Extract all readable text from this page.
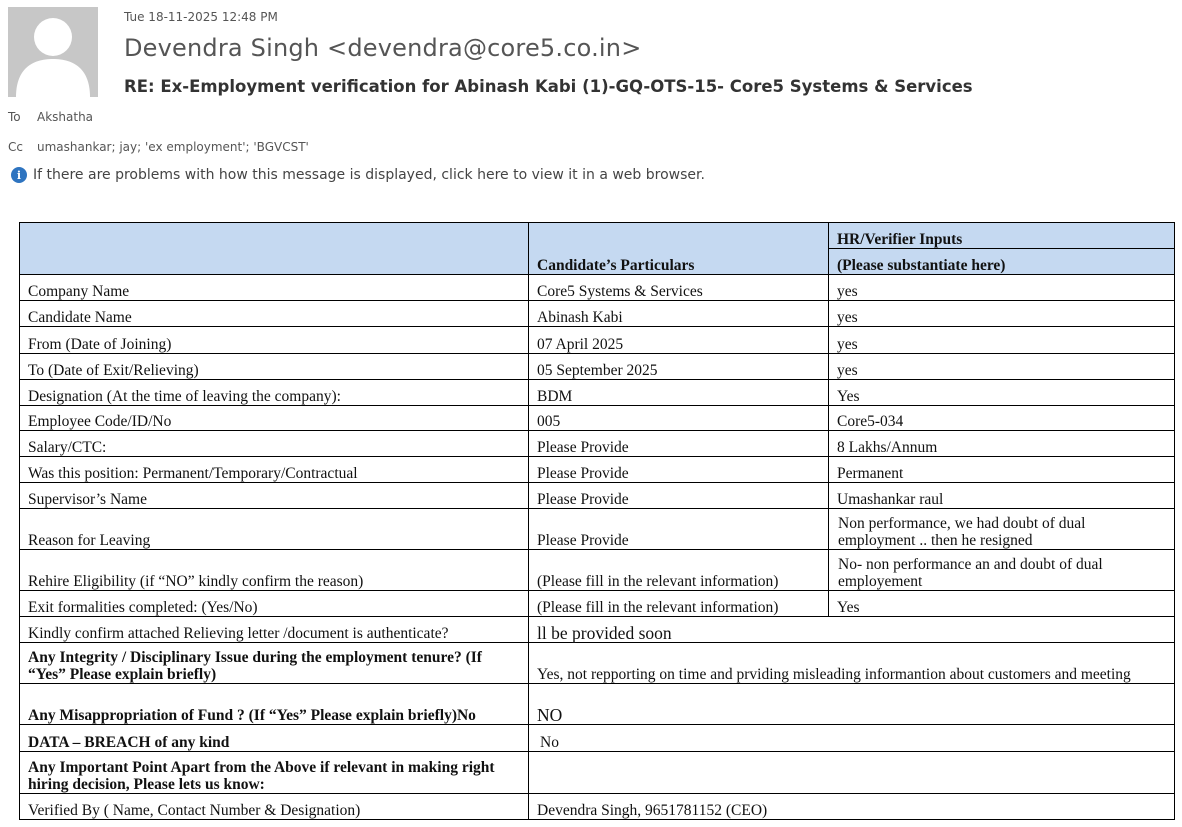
Tue 18-11-2025 12:48 PM
Devendra Singh <devendra@core5.co.in>
RE: Ex-Employment verification for Abinash Kabi (1)-GQ-OTS-15- Core5 Systems & Services
To Akshatha
Cc umashankar; jay; 'ex employment'; 'BGVCST'
i If there are problems with how this message is displayed, click here to view it in a web browser.
	Candidate’s Particulars	HR/Verifier Inputs
		(Please substantiate here)
Company Name	Core5 Systems & Services	yes
Candidate Name	Abinash Kabi	yes
From (Date of Joining)	07 April 2025	yes
To (Date of Exit/Relieving)	05 September 2025	yes
Designation (At the time of leaving the company):	BDM	Yes
Employee Code/ID/No	005	Core5-034
Salary/CTC:	Please Provide	8 Lakhs/Annum
Was this position: Permanent/Temporary/Contractual	Please Provide	Permanent
Supervisor’s Name	Please Provide	Umashankar raul
Reason for Leaving	Please Provide	Non performance, we had doubt of dual employment .. then he resigned
Rehire Eligibility (if “NO” kindly confirm the reason)	(Please fill in the relevant information)	No- non performance an and doubt of dual employement
Exit formalities completed: (Yes/No)	(Please fill in the relevant information)	Yes
Kindly confirm attached Relieving letter /document is authenticate?	ll be provided soon	
Any Integrity / Disciplinary Issue during the employment tenure? (If “Yes” Please explain briefly)	Yes, not repporting on time and prviding misleading informantion about customers and meeting	
Any Misappropriation of Fund ? (If “Yes” Please explain briefly)No	NO	
DATA – BREACH of any kind	No	
Any Important Point Apart from the Above if relevant in making right hiring decision, Please lets us know:		
Verified By ( Name, Contact Number & Designation)	Devendra Singh, 9651781152 (CEO)	
